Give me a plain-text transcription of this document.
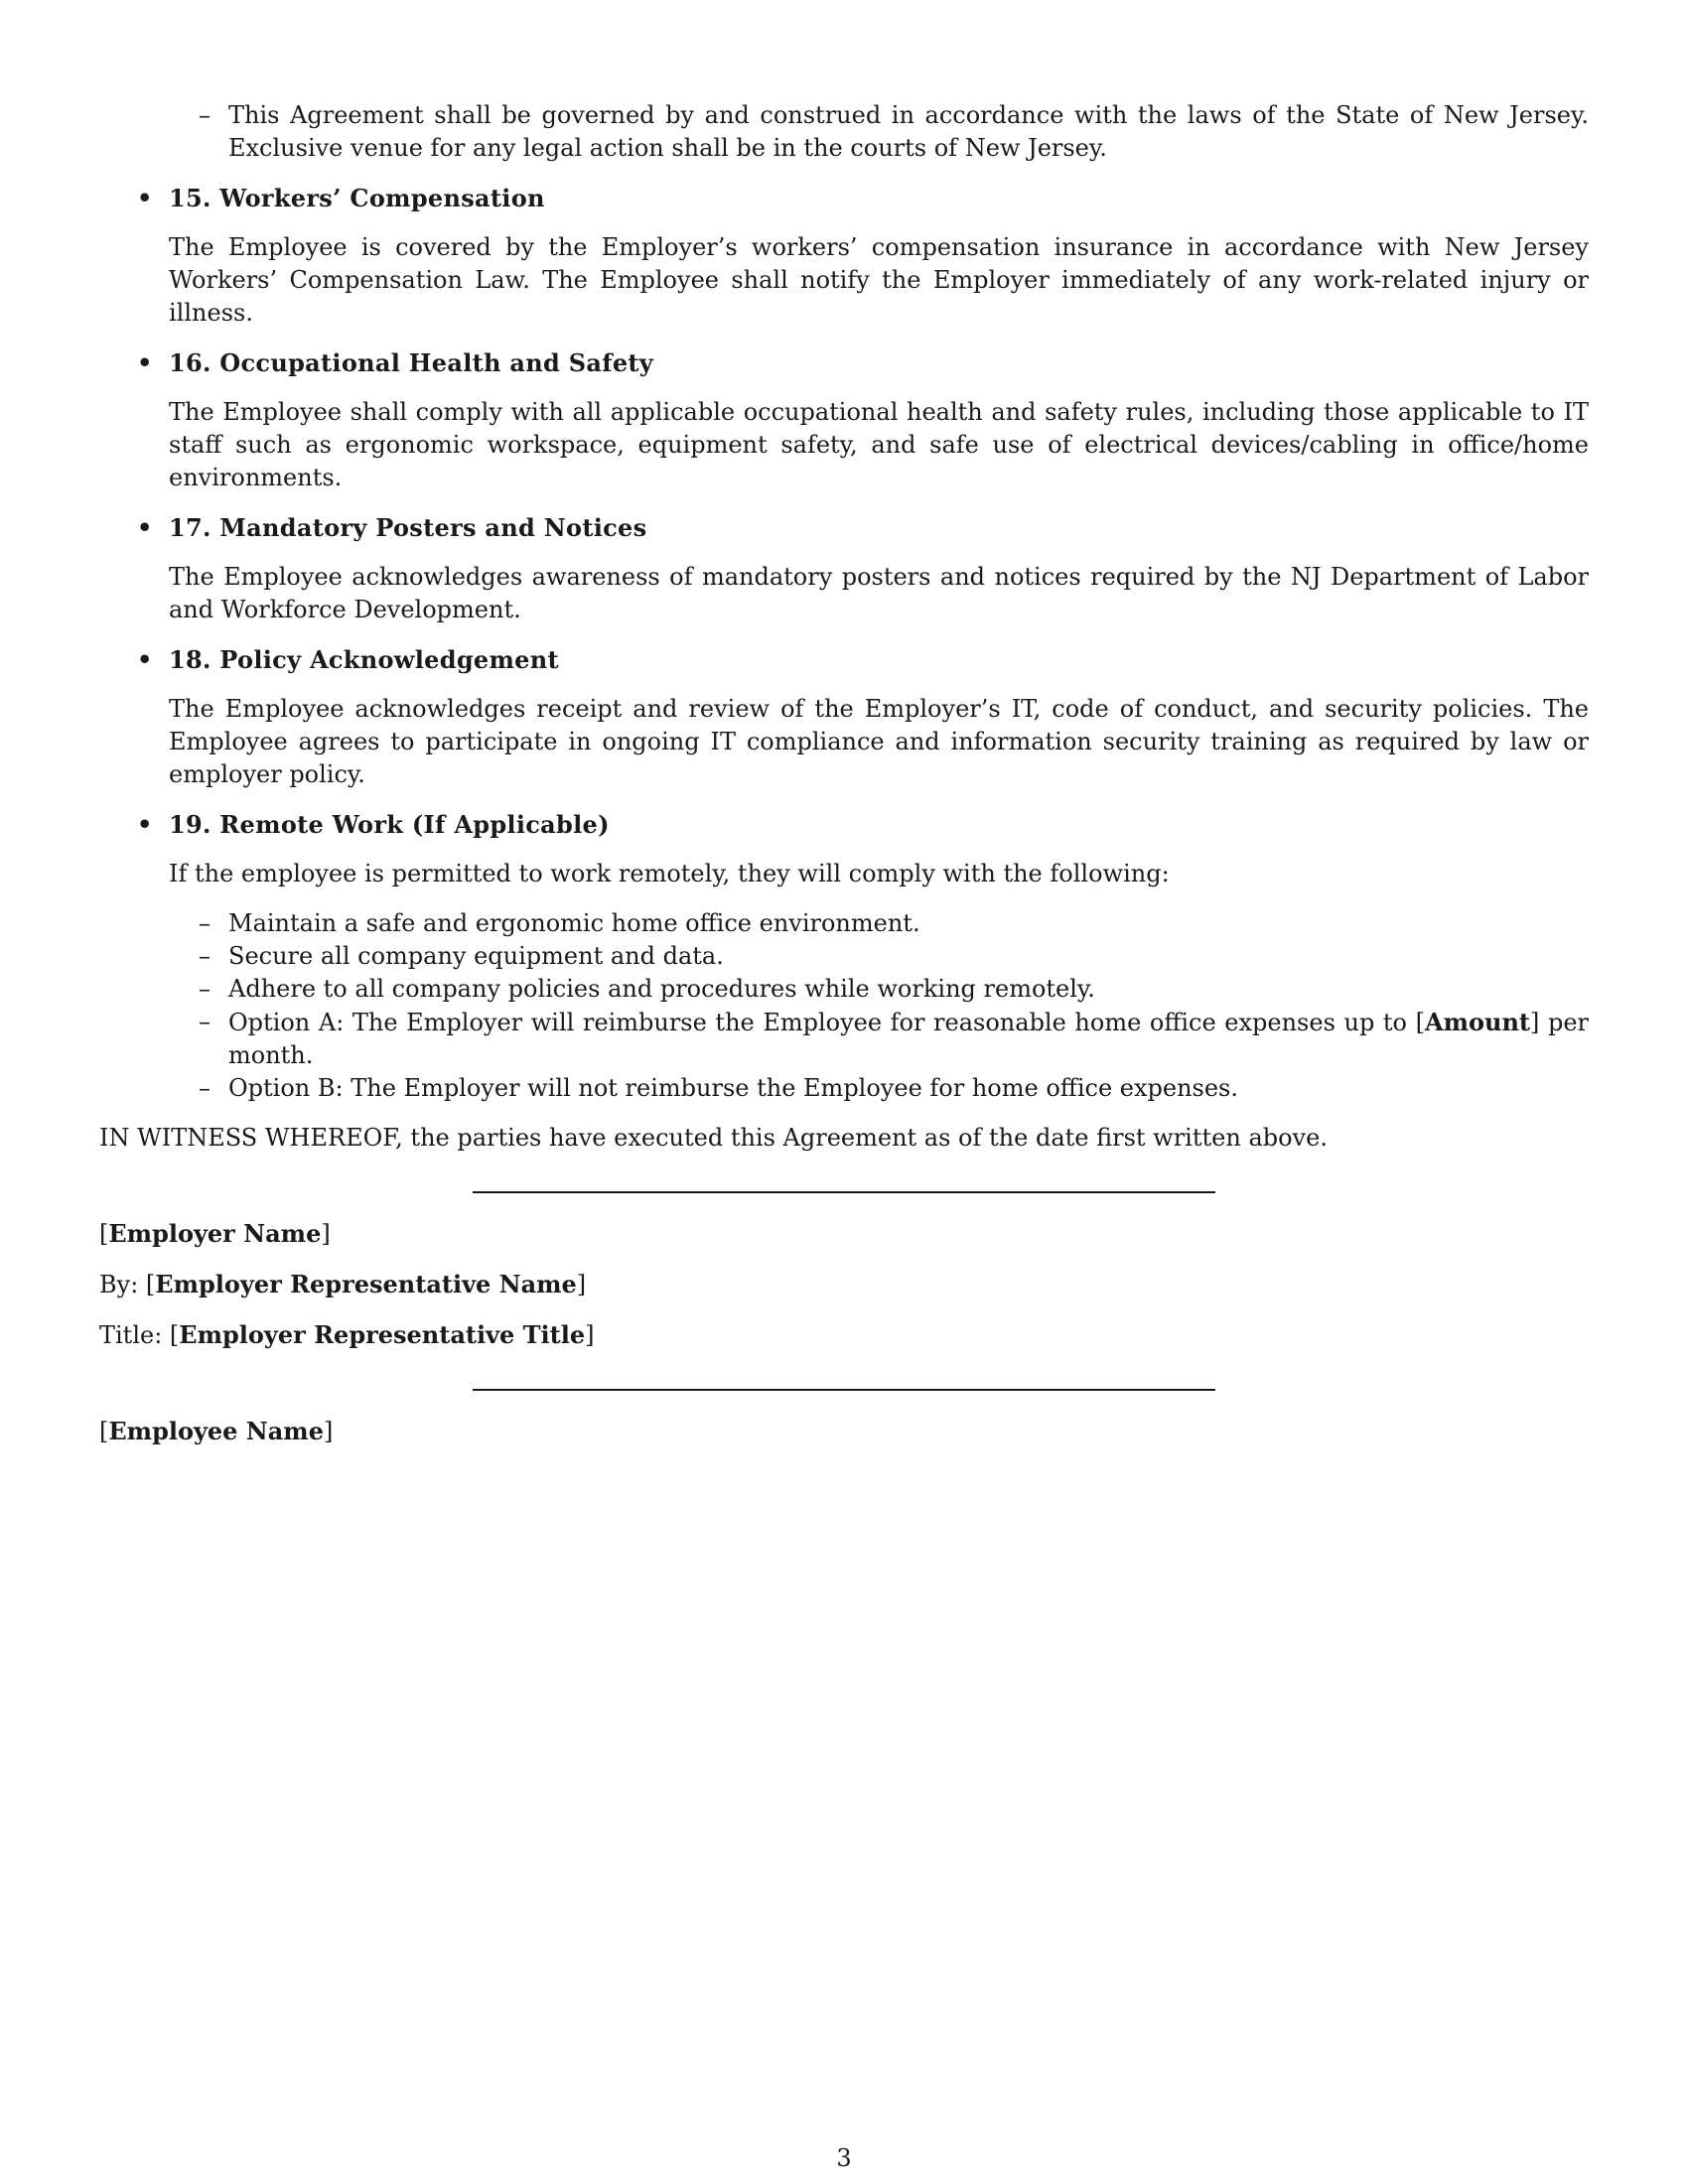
– This Agreement shall be governed by and construed in accordance with the laws of the State of New Jersey. Exclusive venue for any legal action shall be in the courts of New Jersey.
• 15. Workers’ Compensation
The Employee is covered by the Employer’s workers’ compensation insurance in accordance with New Jersey Workers’ Compensation Law. The Employee shall notify the Employer immediately of any work-related injury or illness.
• 16. Occupational Health and Safety
The Employee shall comply with all applicable occupational health and safety rules, including those applicable to IT staff such as ergonomic workspace, equipment safety, and safe use of electrical devices/cabling in office/home environments.
• 17. Mandatory Posters and Notices
The Employee acknowledges awareness of mandatory posters and notices required by the NJ Department of Labor and Workforce Development.
• 18. Policy Acknowledgement
The Employee acknowledges receipt and review of the Employer’s IT, code of conduct, and security policies. The Employee agrees to participate in ongoing IT compliance and information security training as required by law or employer policy.
• 19. Remote Work (If Applicable)
If the employee is permitted to work remotely, they will comply with the following:
– Maintain a safe and ergonomic home office environment.
– Secure all company equipment and data.
– Adhere to all company policies and procedures while working remotely.
– Option A: The Employer will reimburse the Employee for reasonable home office expenses up to [Amount] per month.
– Option B: The Employer will not reimburse the Employee for home office expenses.
IN WITNESS WHEREOF, the parties have executed this Agreement as of the date first written above.
[Employer Name]
By: [Employer Representative Name]
Title: [Employer Representative Title]
[Employee Name]
3
